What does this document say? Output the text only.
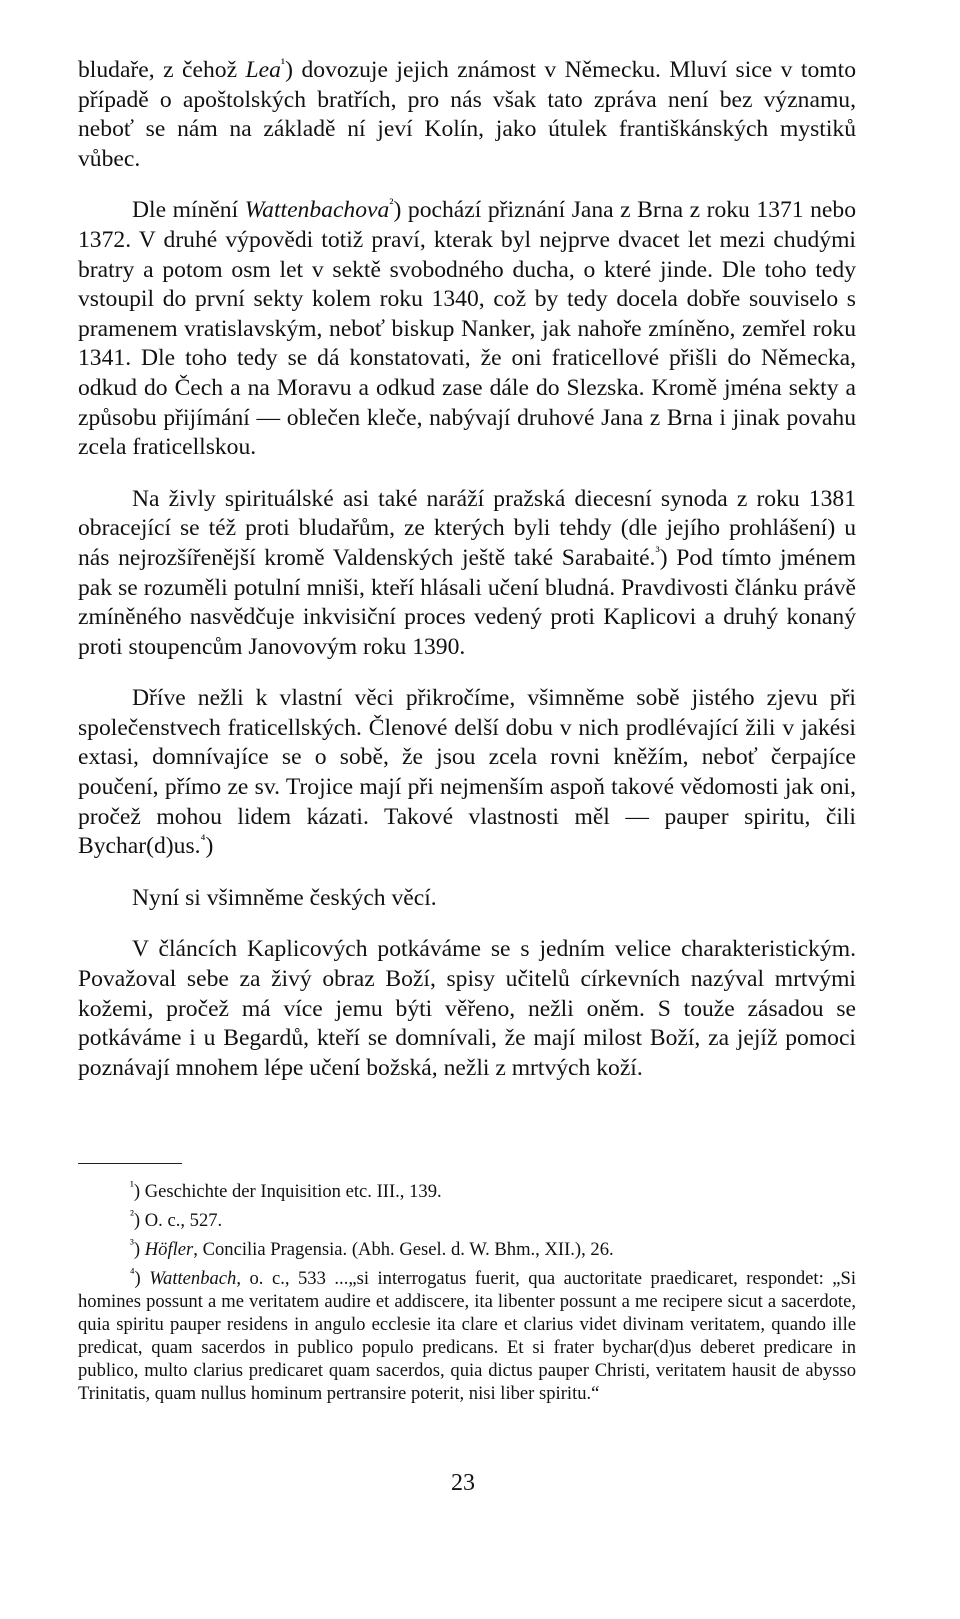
bludaře, z čehož Lea$^{^1}$) dovozuje jejich známost v Německu. Mluví sice v tomto případě o apoštolských bratřích, pro nás však tato zpráva není bez významu, neboť se nám na základě ní jeví Kolín, jako útulek františkánských mystiků vůbec.

Dle mínění Wattenbachova$^{^2}$) pochází přiznání Jana z Brna z roku 1371 nebo 1372. V druhé výpovědi totiž praví, kterak byl nejprve dvacet let mezi chudými bratry a potom osm let v sektě svobodného ducha, o které jinde. Dle toho tedy vstoupil do první sekty kolem roku 1340, což by tedy docela dobře souviselo s pramenem vratislavským, neboť biskup Nanker, jak nahoře zmíněno, zemřel roku 1341. Dle toho tedy se dá konstatovati, že oni fraticellové přišli do Německa, odkud do Čech a na Moravu a odkud zase dále do Slezska. Kromě jména sekty a způsobu přijímání — oblečen kleče, nabývají druhové Jana z Brna i jinak povahu zcela fraticellskou.

Na živly spirituálské asi také naráží pražská diecesní synoda z roku 1381 obracející se též proti bludařům, ze kterých byli tehdy (dle jejího prohlášení) u nás nejrozšířenější kromě Valdenských ještě také Sarabaité.$^{^3}$) Pod tímto jménem pak se rozuměli potulní mniši, kteří hlásali učení bludná. Pravdivosti článku právě zmíněného nasvědčuje inkvisiční proces vedený proti Kaplicovi a druhý konaný proti stoupencům Janovovým roku 1390.

Dříve nežli k vlastní věci přikročíme, všimněme sobě jistého zjevu při společenstvech fraticellských. Členové delší dobu v nich prodlévající žili v jakési extasi, domnívajíce se o sobě, že jsou zcela rovni kněžím, neboť čerpajíce poučení, přímo ze sv. Trojice mají při nejmenším aspoň takové vědomosti jak oni, pročež mohou lidem kázati. Takové vlastnosti měl — pauper spiritu, čili Bychar(d)us.$^{^4}$)

Nyní si všimněme českých věcí.

V článcích Kaplicových potkáváme se s jedním velice charakteristickým. Považoval sebe za živý obraz Boží, spisy učitelů církevních nazýval mrtvými kožemi, pročež má více jemu býti věřeno, nežli oněm. S touže zásadou se potkáváme i u Begardů, kteří se domnívali, že mají milost Boží, za jejíž pomoci poznávají mnohem lépe učení božská, nežli z mrtvých koží.

$^{^1}$) Geschichte der Inquisition etc. III., 139.

$^{^2}$) O. c., 527.

$^{^3}$) Höfler, Concilia Pragensia. (Abh. Gesel. d. W. Bhm., XII.), 26.

$^{^4}$) Wattenbach, o. c., 533 ...„si interrogatus fuerit, qua auctoritate praedicaret, respondet: „Si homines possunt a me veritatem audire et addiscere, ita libenter possunt a me recipere sicut a sacerdote, quia spiritu pauper residens in angulo ecclesie ita clare et clarius videt divinam veritatem, quando ille predicat, quam sacerdos in publico populo predicans. Et si frater bychar(d)us deberet predicare in publico, multo clarius predicaret quam sacerdos, quia dictus pauper Christi, veritatem hausit de abysso Trinitatis, quam nullus hominum pertransire poterit, nisi liber spiritu.“

23
